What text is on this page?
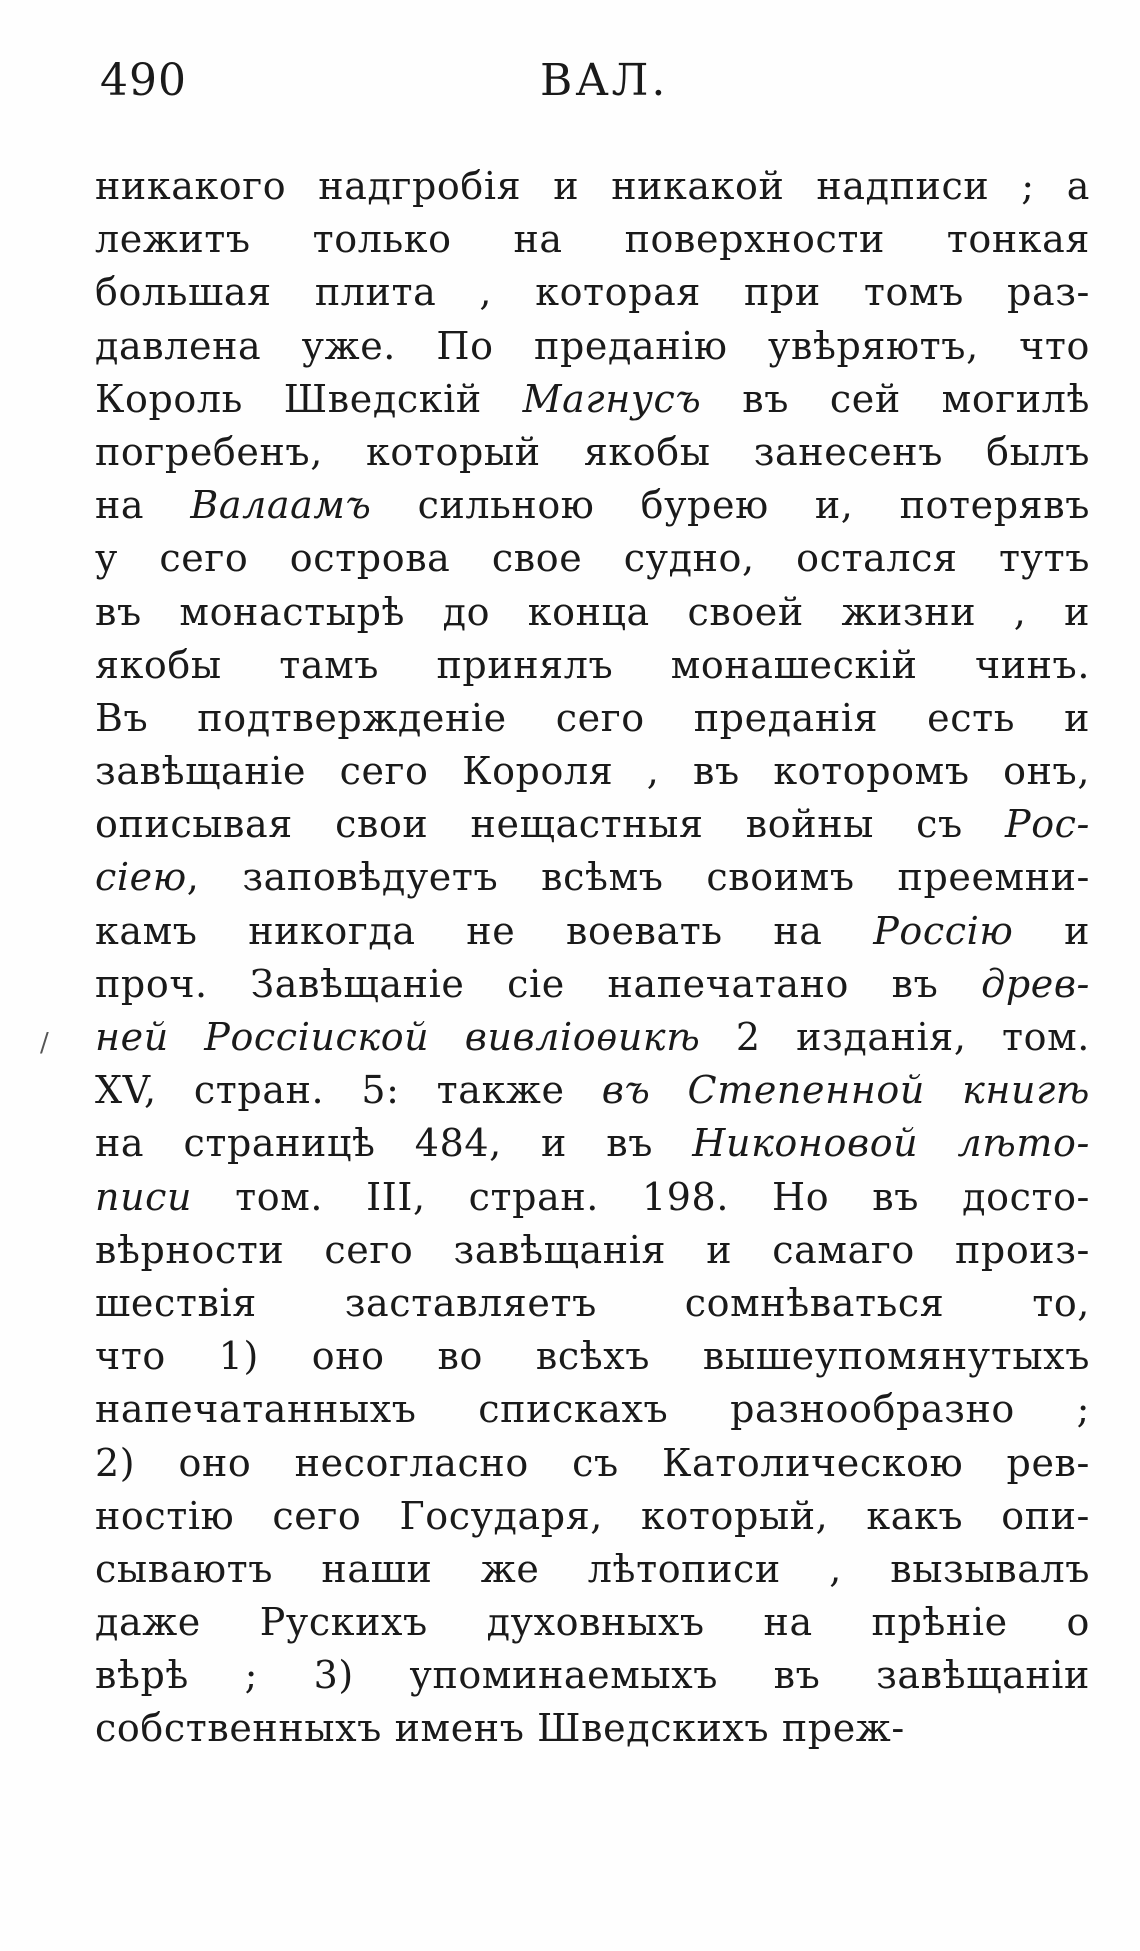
490	ВАЛ.
никакого надгробiя и никакой надписи ; а
лежитъ только на поверхности тонкая
большая плита , которая при томъ раз-
давлена уже. По преданiю увѣряютъ, что
Король Шведскiй Магнусъ въ сей могилѣ
погребенъ, который якобы занесенъ былъ
на Валаамъ сильною бурею и, потерявъ
у сего острова свое судно, остался тутъ
въ монастырѣ до конца своей жизни , и
якобы тамъ принялъ монашескiй чинъ.
Въ подтвержденiе сего преданiя есть и
завѣщанiе сего Короля , въ которомъ онъ,
описывая свои нещастныя войны съ Рос-
сiею, заповѣдуетъ всѣмъ своимъ преемни-
камъ никогда не воевать на Россiю и
проч. Завѣщанiе сiе напечатано въ древ-
ней Россiиской вивлiоѳикѣ 2 изданiя, том.
XV, стран. 5: также въ Степенной книгѣ
на страницѣ 484, и въ Никоновой лѣто-
писи том. III, стран. 198. Но въ достo-
вѣрности сего завѣщанiя и самаго произ-
шествiя заставляетъ сомнѣваться то,
что 1) оно во всѣхъ вышеупомянутыхъ
напечатанныхъ спискахъ разнообразно ;
2) оно несогласно съ Католическою рев-
ностiю сего Государя, который, какъ опи-
сываютъ наши же лѣтописи , вызывалъ
даже Рускихъ духовныхъ на прѣнiе о
вѣрѣ ; 3) упоминаемыхъ въ завѣщанiи
собственныхъ именъ Шведскихъ преж-
/
